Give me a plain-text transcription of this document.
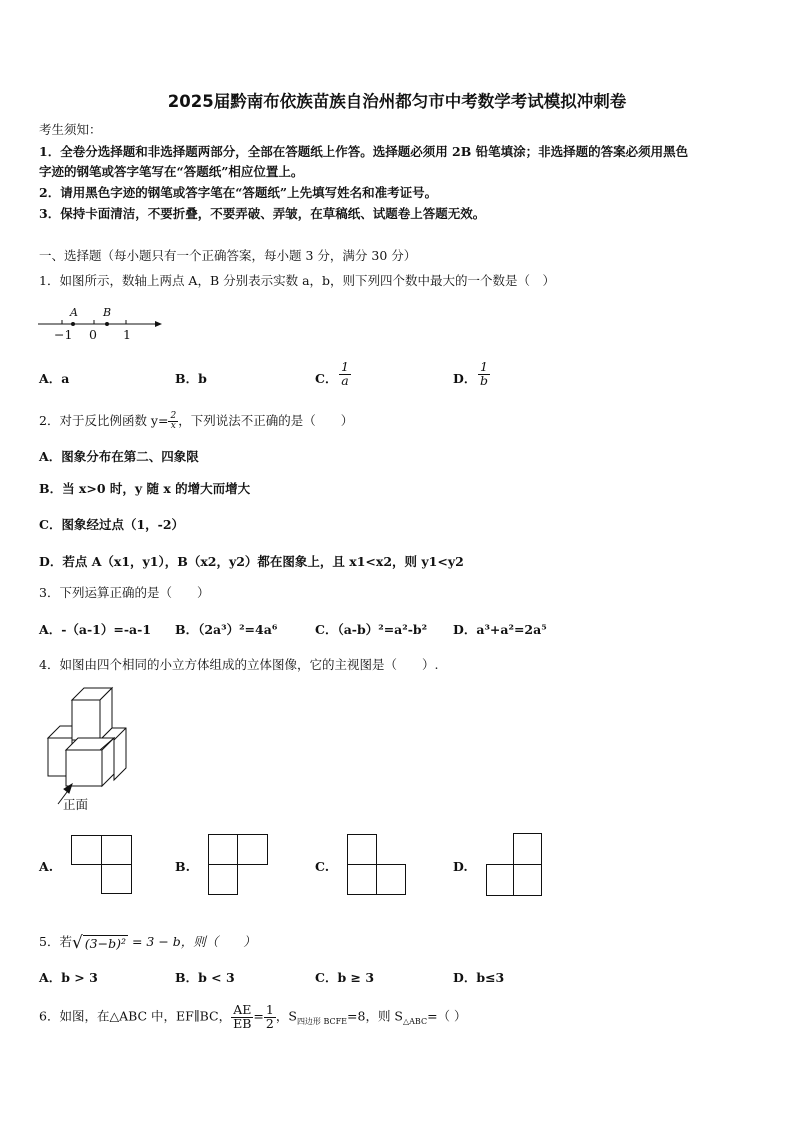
2025届黔南布依族苗族自治州都匀市中考数学考试模拟冲刺卷
考生须知：
1．全卷分选择题和非选择题两部分，全部在答题纸上作答。选择题必须用 2B 铅笔填涂；非选择题的答案必须用黑色
字迹的钢笔或答字笔写在“答题纸”相应位置上。
2．请用黑色字迹的钢笔或答字笔在“答题纸”上先填写姓名和准考证号。
3．保持卡面清洁，不要折叠，不要弄破、弄皱，在草稿纸、试题卷上答题无效。
一、选择题（每小题只有一个正确答案，每小题 3 分，满分 30 分）
1．如图所示，数轴上两点 A，B 分别表示实数 a，b，则下列四个数中最大的一个数是（　）
A B
−1 0 1
A．a	B．b	C． $\frac{1}{a}$	D． $\frac{1}{b}$
2．对于反比例函数 $y= \frac{2}{x}$ ，下列说法不正确的是（　　）
A．图象分布在第二、四象限
B．当 x>0 时，y 随 x 的增大而增大
C．图象经过点（1，-2）
D．若点 A（x1，y1），B（x2，y2）都在图象上，且 x1<x2，则 y1<y2
3．下列运算正确的是（　　）
A．-（a-1）=-a-1 B．（2a³）²=4a⁶	C．（a-b）²=a²-b² D．a³+a²=2a⁵
4．如图由四个相同的小立方体组成的立体图像，它的主视图是（　　）.
正面
A.	B.	C.	D.
5．若√ (3−b)² = 3 − b，则（　　）
A．b > 3	B．b < 3	C．b ≥ 3	D．b≤3
6．如图，在△ABC 中，EF∥BC， $\frac{AE}{EB} = \frac{1}{2}$ ，$S_{四边形 BCFE}=8$，则 $S_{\triangle ABC}=$（ ）
